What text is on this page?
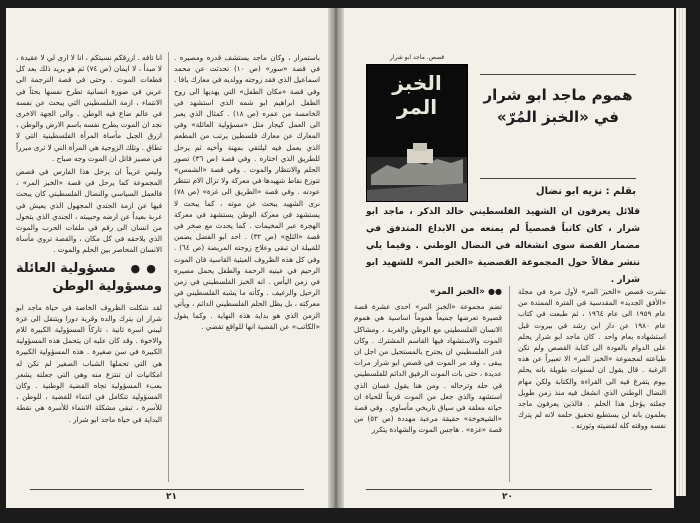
باستمرار ، وكان ماجد يستشف قدره ومصيره . في قصة «سور» (ص ١٠) تحدثت عن محمد اسماعيل الذي فقد زوجته وولديه في معارك يافا . وفي قصة «مكان الطفل» التي يهديها الى روح الطفل ابراهيم ابو شمه الذي استشهد في الخامسة من عمره (ص ١٨) . كمثال الذي يعبر الى العمل كيجار مثل «مسؤولية العائلة» وفي المعارك عن معارك فلسطين يرتب من المطعم الذي يعمل فيه ليلتقي بمهنة وأخيه ثم يرحل للطريق الذي اختاره . وفي قصة (ص ٣٦) تصور الحلم والانتظار والموت . وفي قصة «الشمس» تتوزع نقاط شهيدها في معركة ولا تزال الام تنتظر عودته . وفي قصة «الطريق الى غزة» (ص ٧٨) نرى الشهيد يبحث عن موته ، كما يبحث لا يستشهد في معركة الوطن يستشهد في معركة الهجرة عبر المخيمات . كما يحدث مع صخر في قصة «الثلج» (ص ٣٢) . احد ابو الفضل يضمن للقبيلة ان تبقى وعلاج زوجته المريضة (ص ٦٤) . وفي كل هذه الظروف العبثية القاسية فان الموت الرحيم في عينيه الرحمة والطفل يحمل مصيره في زمن اليأس . انه الخبز الفلسطيني في زمن الرحيل والرغيف . وكأنه ما يشبه الفلسطيني في معركته ، بل يظل الحلم الفلسطيني الدائم ، ويأتي الزمن الذي هو بداية هذه النهاية . وكما يقول «الكاتب» عن القضية انها للواقع تقضي .

انا تافه . ازرقكم نسيتكم ، انا لا ارى لي لا عقيدة ، لا مبدأ ، لا ايمان (ص ٧٤) ثم هو يريد ذلك بعد كل قطعات الموت . وحتى في قصة الترجمة الى عربي في صورة انسانية تطرح نفسها بحثاً في الانتماء ، ازمة الفلسطيني التي يبحث عن نفسه في عالم ضاع فيه الوطن . والى الجهة الاخرى نجد ان الموت يطرح نفسه باسم الارض والوطن ، ازرق الجبل مأساة المرأة الفلسطينية التي لا تطاق . وتلك الزوجية هي المرأة التي لا ترى مبرراً في مصير قاتل ان الموت وجه صباح .

وليس غريباً ان يرحل هذا الفارس في قصص المجموعة كما يرحل في قصة «الخبز المر» ، فالعمل السياسي والنضال الفلسطيني كان يبحث فيها عن ازمة الجندي المجهول الذي يعيش في غربة بعيداً عن ارضه وحبيبته ، الجندي الذي يتحول من انسان الى رقم في ملفات الحرب والموت الذي يلاحقه في كل مكان ، والقصة تروي مأساة الانسان المحاصر بين الحلم والموت .

●● مسؤولية العائلة ومسؤولية الوطن

لقد شكلت الظروف الخاصة في حياة ماجد ابو شرار ان يترك والده وقرية دورا ويتنقل الى غزة ليبني اسرة ثانية ، تاركاً المسؤولية الكبيرة للام والاخوة . وقد كان عليه ان يتحمل هذه المسؤولية الكبيرة في سن صغيرة . هذه المسؤولية الكبيرة هي التي تحملها الشباب الصغير لم تكن له امكانيات ان تنتزع منه وهي التي جعلته يشعر بعبء المسؤولية تجاه القضية الوطنية . وكان المسؤولية تتكامل في انتماء للقضية ، للوطن ، للأسرة ، تبقى مشكلة الانتماء للأسرة هي نقطة البداية في حياة ماجد ابو شرار .

٢١
قصص. ماجد ابو شرار
الخبز المر	هموم ماجد ابو شرار في «الخبز المُرّ»
بقلم : نزيه ابو نضال
قلائل يعرفون ان الشهيد الفلسطيني خالد الذكر ، ماجد ابو شرار ، كان كاتباً قصصياً لم يمنعه من الابداع المتدفق في مضمار القصة سوى انشغاله في النضال الوطني . وفيما يلي ننشر مقالاً حول المجموعة القصصية «الخبز المر» للشهيد ابو شرار .

نشرت قصص «الخبز المر» لأول مرة في مجلة «الأفق الجديد» المقدسية في الفترة الممتدة من عام ١٩٥٩ الى عام ١٩٦٤ ، ثم طبعت في كتاب عام ١٩٨٠ عن دار ابن رشد في بيروت قبل استشهاده بعام واحد . كان ماجد ابو شرار يحلم على الدوام بالعودة الى كتابة القصص ولم تكن طباعته لمجموعة «الخبز المر» الا تعبيراً عن هذه الرغبة . قال يقول ان لسنوات طويلة بانه يحلم بيوم يتفرغ فيه الى القراءة والكتابة ولكن مهام النضال الوطني الذي انشغل فيه منذ زمن طويل جعلته يؤجل هذا الحلم . فالذين يعرفون ماجد يعلمون بانه لن يستطيع تحقيق حلمه لانه لم يترك نفسه ووقته كله لقضيته وثورته .

●● «الخبز المر»

تضم مجموعة «الخبز المر» احدى عشرة قصة قصيرة تعرضها جميعاً هموماً اساسية هي هموم الانسان الفلسطيني مع الوطن والغربة ، ومشاكل الموت والاستشهاد فيها القاسم المشترك . وكان قدر الفلسطيني ان يجترح بالمستحيل من اجل ان يبقى ، وقد مر الموت في قصص ابو شرار مرات عديدة ، حتى بات الموت الرفيق الدائم للفلسطيني في حله وترحاله . ومن هنا يقول غسان الذي استشهد والذي جعل من الموت قريناً للحياة ان حياته معلقة في سياق تاريخي مأساوي . وفي قصة «الشيخوخة» حقيقة مرعبة مهددة (ص ٥٢) من قصة «غزة» . هاجس الموت والشهادة يتكرر

٢٠
